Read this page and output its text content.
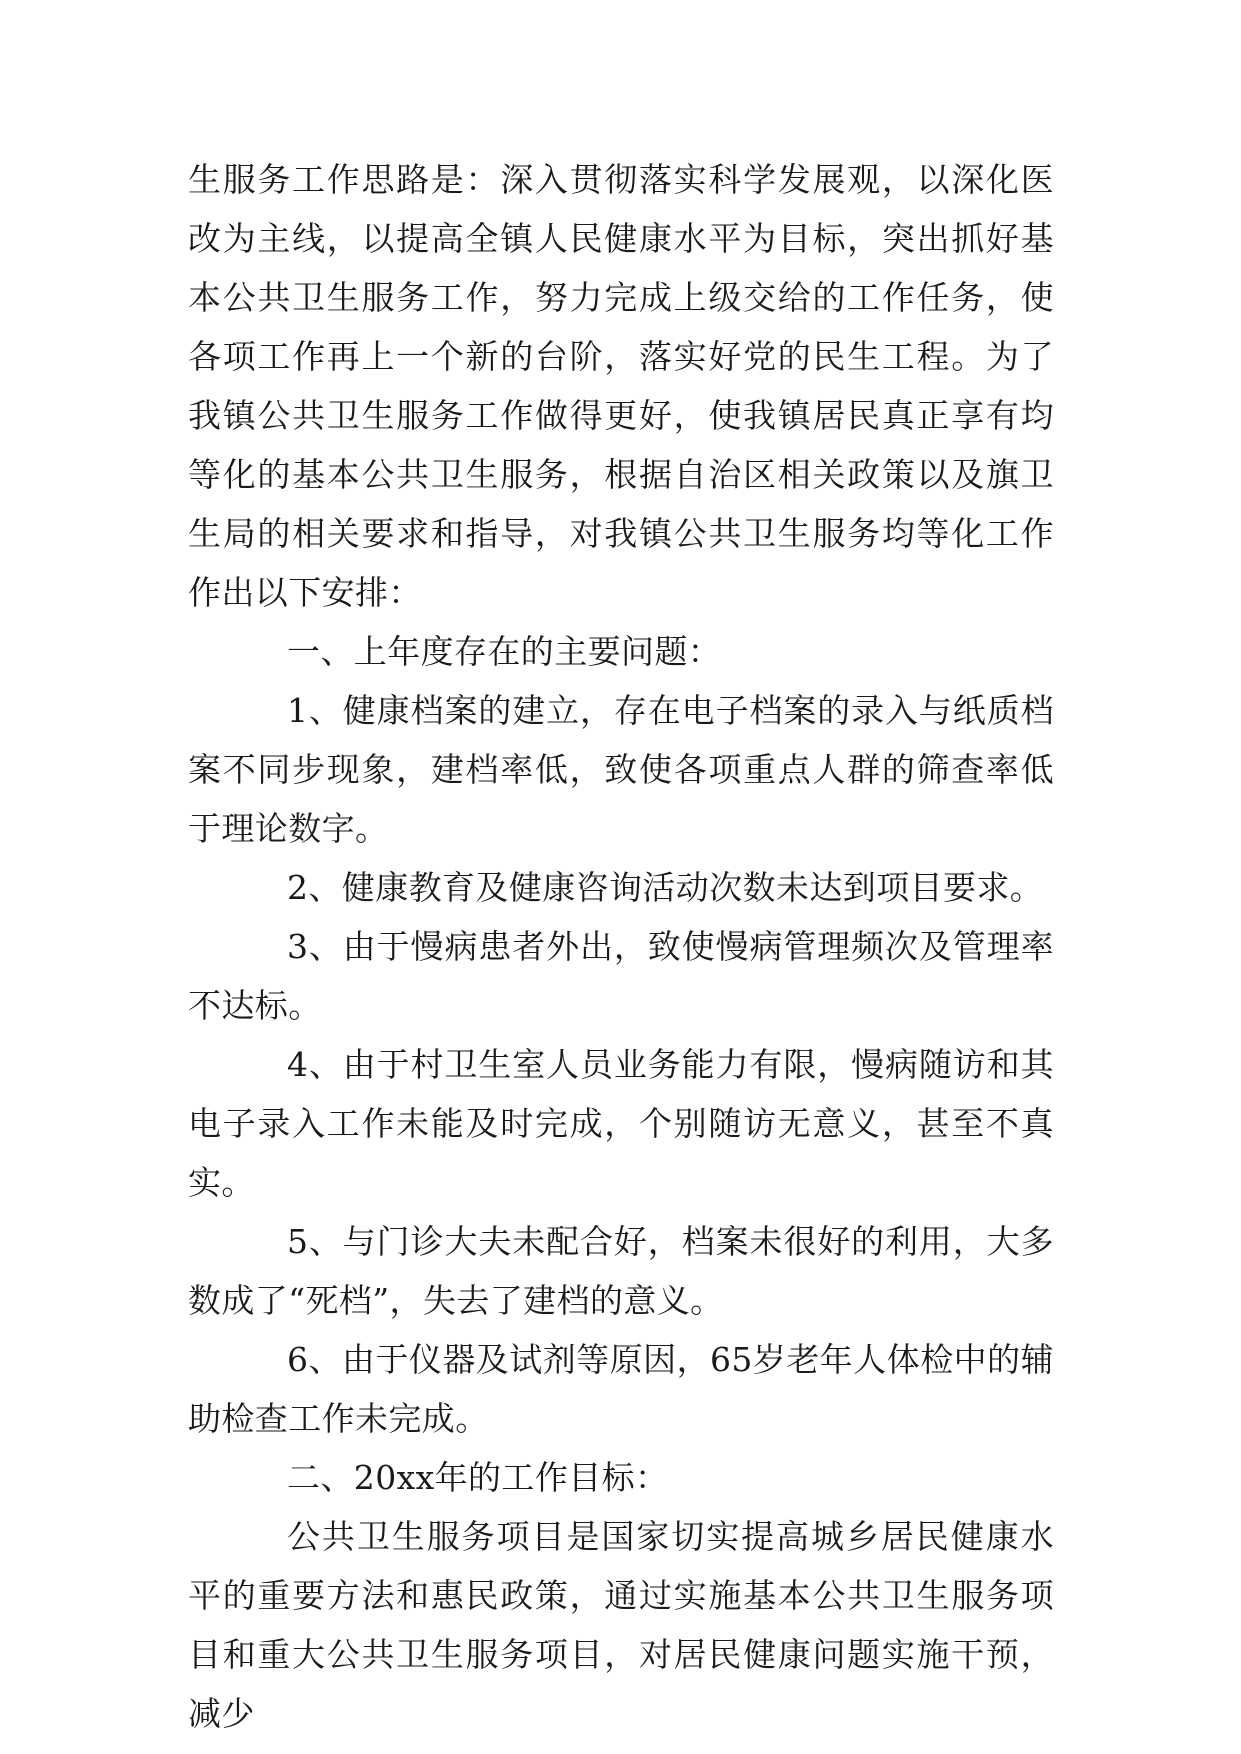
生服务工作思路是：深入贯彻落实科学发展观，以深化医改为主线，以提高全镇人民健康水平为目标，突出抓好基本公共卫生服务工作，努力完成上级交给的工作任务，使各项工作再上一个新的台阶，落实好党的民生工程。为了我镇公共卫生服务工作做得更好，使我镇居民真正享有均等化的基本公共卫生服务，根据自治区相关政策以及旗卫生局的相关要求和指导，对我镇公共卫生服务均等化工作作出以下安排：

一、上年度存在的主要问题：

1、健康档案的建立，存在电子档案的录入与纸质档案不同步现象，建档率低，致使各项重点人群的筛查率低于理论数字。

2、健康教育及健康咨询活动次数未达到项目要求。

3、由于慢病患者外出，致使慢病管理频次及管理率不达标。

4、由于村卫生室人员业务能力有限，慢病随访和其电子录入工作未能及时完成，个别随访无意义，甚至不真实。

5、与门诊大夫未配合好，档案未很好的利用，大多数成了“死档”，失去了建档的意义。

6、由于仪器及试剂等原因，65岁老年人体检中的辅助检查工作未完成。

二、20xx年的工作目标：

公共卫生服务项目是国家切实提高城乡居民健康水平的重要方法和惠民政策，通过实施基本公共卫生服务项目和重大公共卫生服务项目，对居民健康问题实施干预，减少
